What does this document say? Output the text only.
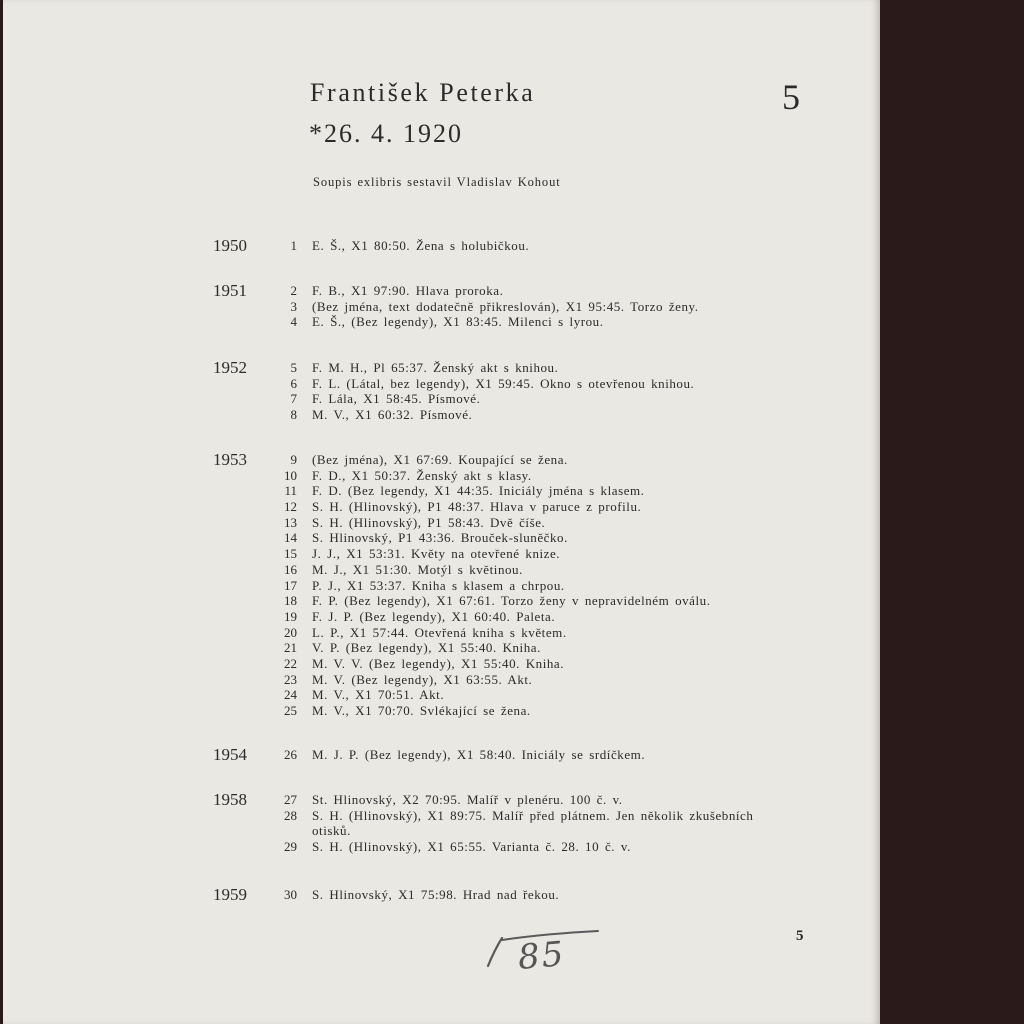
František Peterka	5
*26. 4. 1920
Soupis exlibris sestavil Vladislav Kohout
1950	1 E. Š., X1 80:50. Žena s holubičkou.
1951	2 F. B., X1 97:90. Hlava proroka.
3 (Bez jména, text dodatečně přikreslován), X1 95:45. Torzo ženy.
4 E. Š., (Bez legendy), X1 83:45. Milenci s lyrou.
1952	5 F. M. H., Pl 65:37. Ženský akt s knihou.
6 F. L. (Látal, bez legendy), X1 59:45. Okno s otevřenou knihou.
7 F. Lála, X1 58:45. Písmové.
8 M. V., X1 60:32. Písmové.
1953	9 (Bez jména), X1 67:69. Koupající se žena.
10 F. D., X1 50:37. Ženský akt s klasy.
11 F. D. (Bez legendy, X1 44:35. Iniciály jména s klasem.
12 S. H. (Hlinovský), P1 48:37. Hlava v paruce z profilu.
13 S. H. (Hlinovský), P1 58:43. Dvě číše.
14 S. Hlinovský, P1 43:36. Brouček-sluněčko.
15 J. J., X1 53:31. Květy na otevřené knize.
16 M. J., X1 51:30. Motýl s květinou.
17 P. J., X1 53:37. Kniha s klasem a chrpou.
18 F. P. (Bez legendy), X1 67:61. Torzo ženy v nepravidelném oválu.
19 F. J. P. (Bez legendy), X1 60:40. Paleta.
20 L. P., X1 57:44. Otevřená kniha s květem.
21 V. P. (Bez legendy), X1 55:40. Kniha.
22 M. V. V. (Bez legendy), X1 55:40. Kniha.
23 M. V. (Bez legendy), X1 63:55. Akt.
24 M. V., X1 70:51. Akt.
25 M. V., X1 70:70. Svlékající se žena.
1954	26 M. J. P. (Bez legendy), X1 58:40. Iniciály se srdíčkem.
1958	27 St. Hlinovský, X2 70:95. Malíř v plenéru. 100 č. v.
28 S. H. (Hlinovský), X1 89:75. Malíř před plátnem. Jen několik zkušebních
otisků.
29 S. H. (Hlinovský), X1 65:55. Varianta č. 28. 10 č. v.
1959	30 S. Hlinovský, X1 75:98. Hrad nad řekou.
85	5
